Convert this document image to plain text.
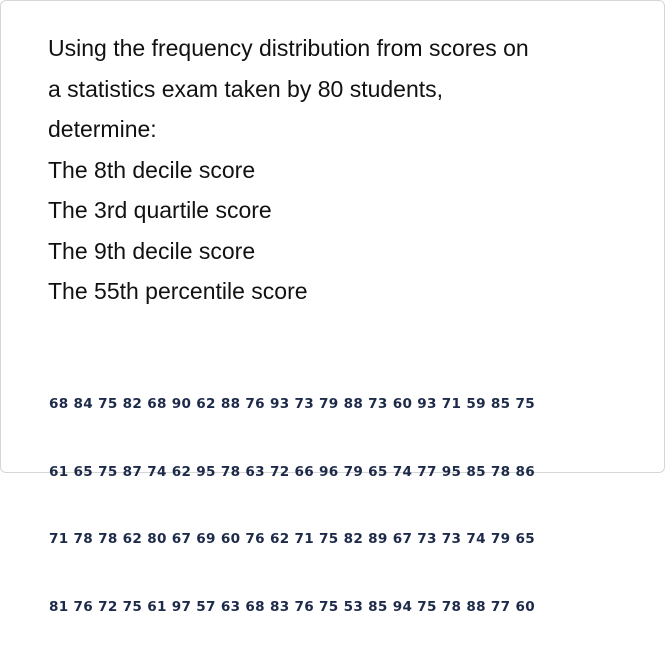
Using the frequency distribution from scores on

a statistics exam taken by 80 students,

determine:

The 8th decile score

The 3rd quartile score

The 9th decile score

The 55th percentile score

68 84 75 82 68 90 62 88 76 93 73 79 88 73 60 93 71 59 85 75

61 65 75 87 74 62 95 78 63 72 66 96 79 65 74 77 95 85 78 86

71 78 78 62 80 67 69 60 76 62 71 75 82 89 67 73 73 74 79 65

81 76 72 75 61 97 57 63 68 83 76 75 53 85 94 75 78 88 77 60
